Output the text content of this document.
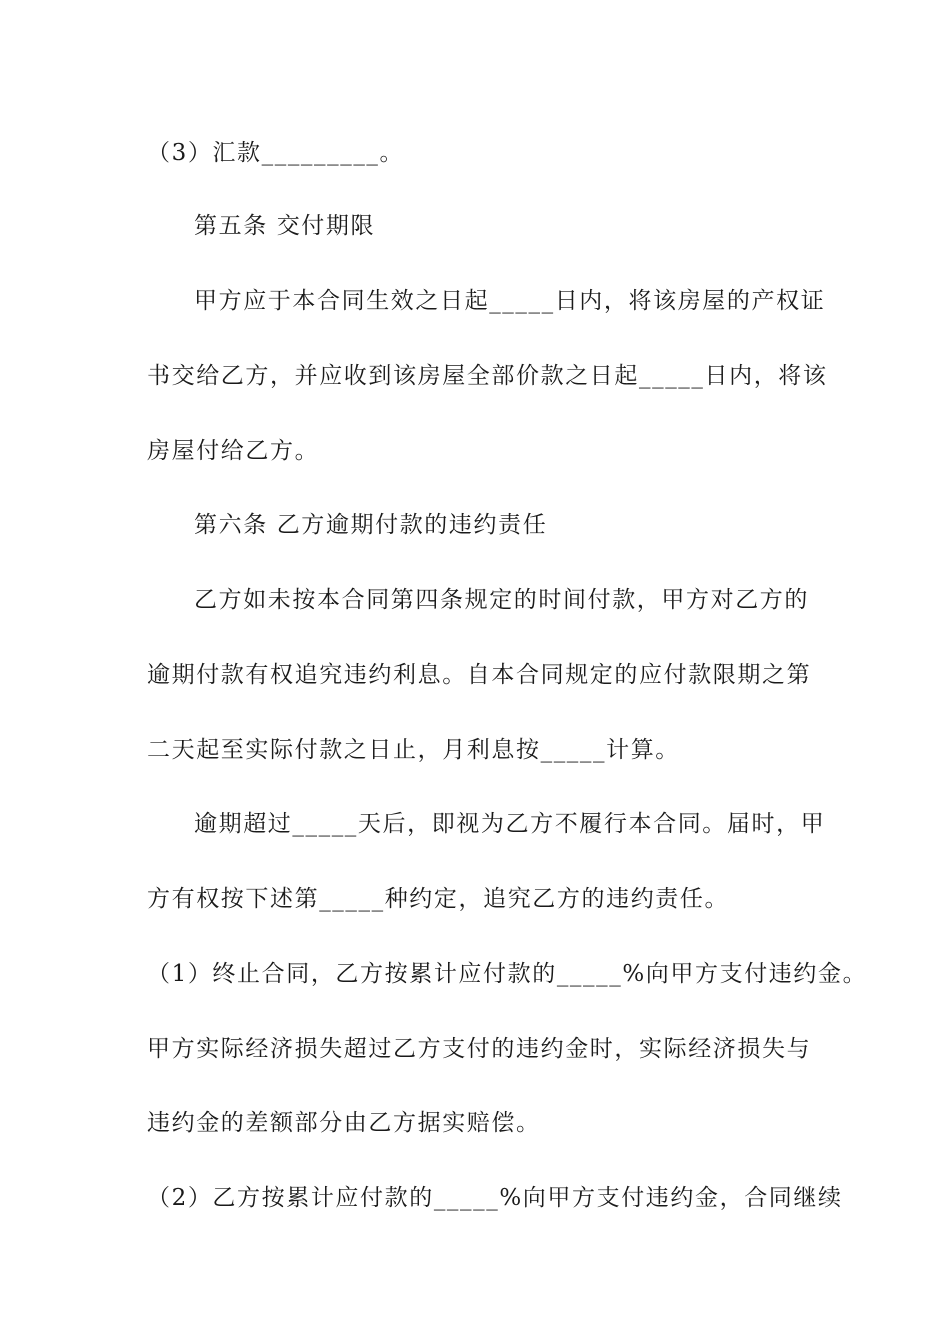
（3）汇款_________。
第五条 交付期限
甲方应于本合同生效之日起_____日内，将该房屋的产权证
书交给乙方，并应收到该房屋全部价款之日起_____日内，将该
房屋付给乙方。
第六条 乙方逾期付款的违约责任
乙方如未按本合同第四条规定的时间付款，甲方对乙方的
逾期付款有权追究违约利息。自本合同规定的应付款限期之第
二天起至实际付款之日止，月利息按_____计算。
逾期超过_____天后，即视为乙方不履行本合同。届时，甲
方有权按下述第_____种约定，追究乙方的违约责任。
（1）终止合同，乙方按累计应付款的_____%向甲方支付违约金。
甲方实际经济损失超过乙方支付的违约金时，实际经济损失与
违约金的差额部分由乙方据实赔偿。
（2）乙方按累计应付款的_____%向甲方支付违约金，合同继续
